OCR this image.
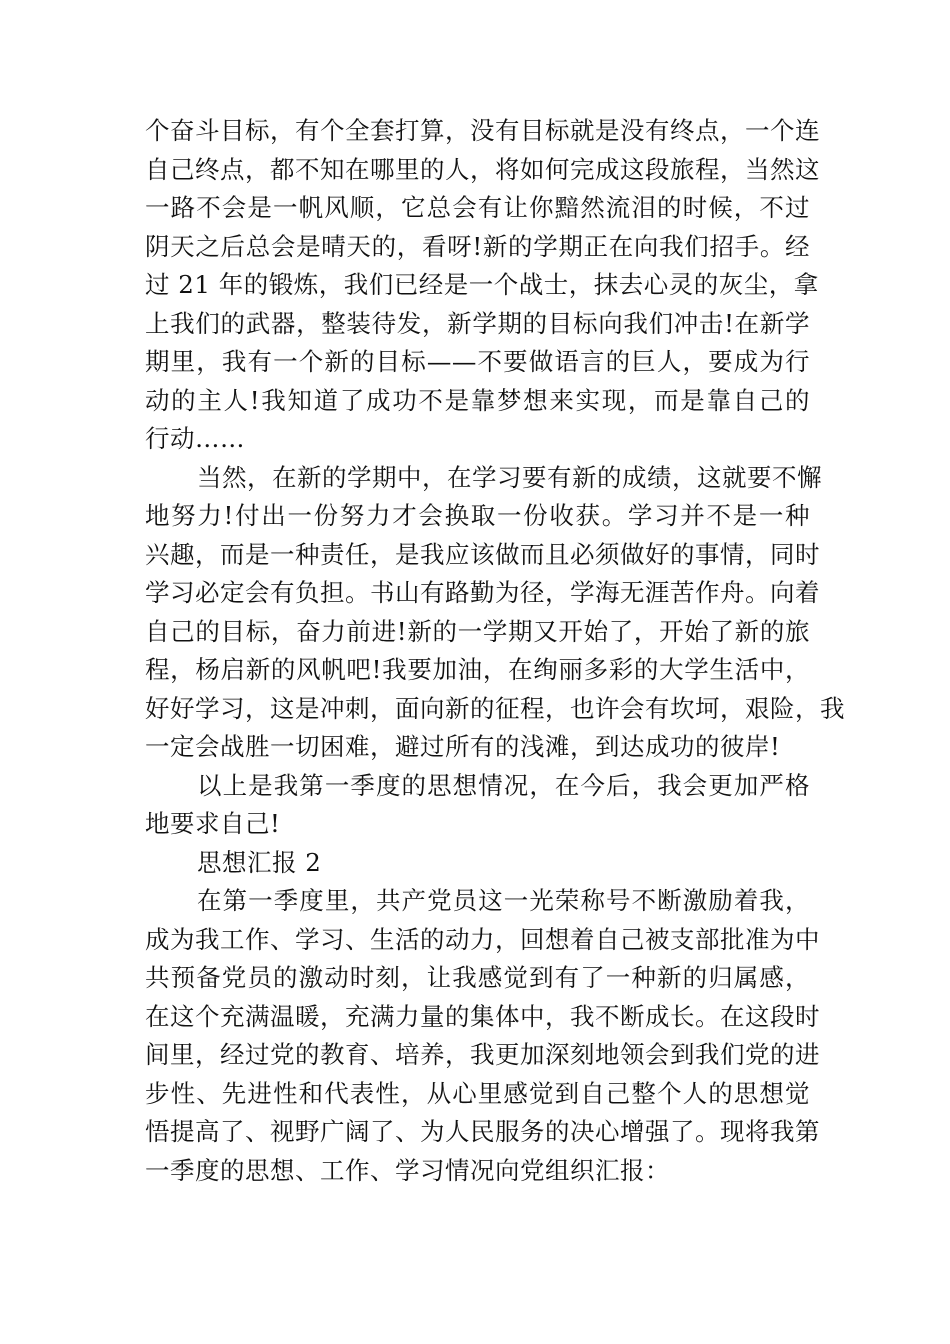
个奋斗目标，有个全套打算，没有目标就是没有终点，一个连
自己终点，都不知在哪里的人，将如何完成这段旅程，当然这
一路不会是一帆风顺，它总会有让你黯然流泪的时候，不过
阴天之后总会是晴天的，看呀!新的学期正在向我们招手。经
过 21 年的锻炼，我们已经是一个战士，抹去心灵的灰尘，拿
上我们的武器，整装待发，新学期的目标向我们冲击!在新学
期里，我有一个新的目标——不要做语言的巨人，要成为行
动的主人!我知道了成功不是靠梦想来实现，而是靠自己的
行动……
当然，在新的学期中，在学习要有新的成绩，这就要不懈
地努力!付出一份努力才会换取一份收获。学习并不是一种
兴趣，而是一种责任，是我应该做而且必须做好的事情，同时
学习必定会有负担。书山有路勤为径，学海无涯苦作舟。向着
自己的目标，奋力前进!新的一学期又开始了，开始了新的旅
程，杨启新的风帆吧!我要加油，在绚丽多彩的大学生活中，
好好学习，这是冲刺，面向新的征程，也许会有坎坷，艰险，我
一定会战胜一切困难，避过所有的浅滩，到达成功的彼岸!
以上是我第一季度的思想情况，在今后，我会更加严格
地要求自己!
思想汇报 2
在第一季度里，共产党员这一光荣称号不断激励着我，
成为我工作、学习、生活的动力，回想着自己被支部批准为中
共预备党员的激动时刻，让我感觉到有了一种新的归属感，
在这个充满温暖，充满力量的集体中，我不断成长。在这段时
间里，经过党的教育、培养，我更加深刻地领会到我们党的进
步性、先进性和代表性，从心里感觉到自己整个人的思想觉
悟提高了、视野广阔了、为人民服务的决心增强了。现将我第
一季度的思想、工作、学习情况向党组织汇报：
